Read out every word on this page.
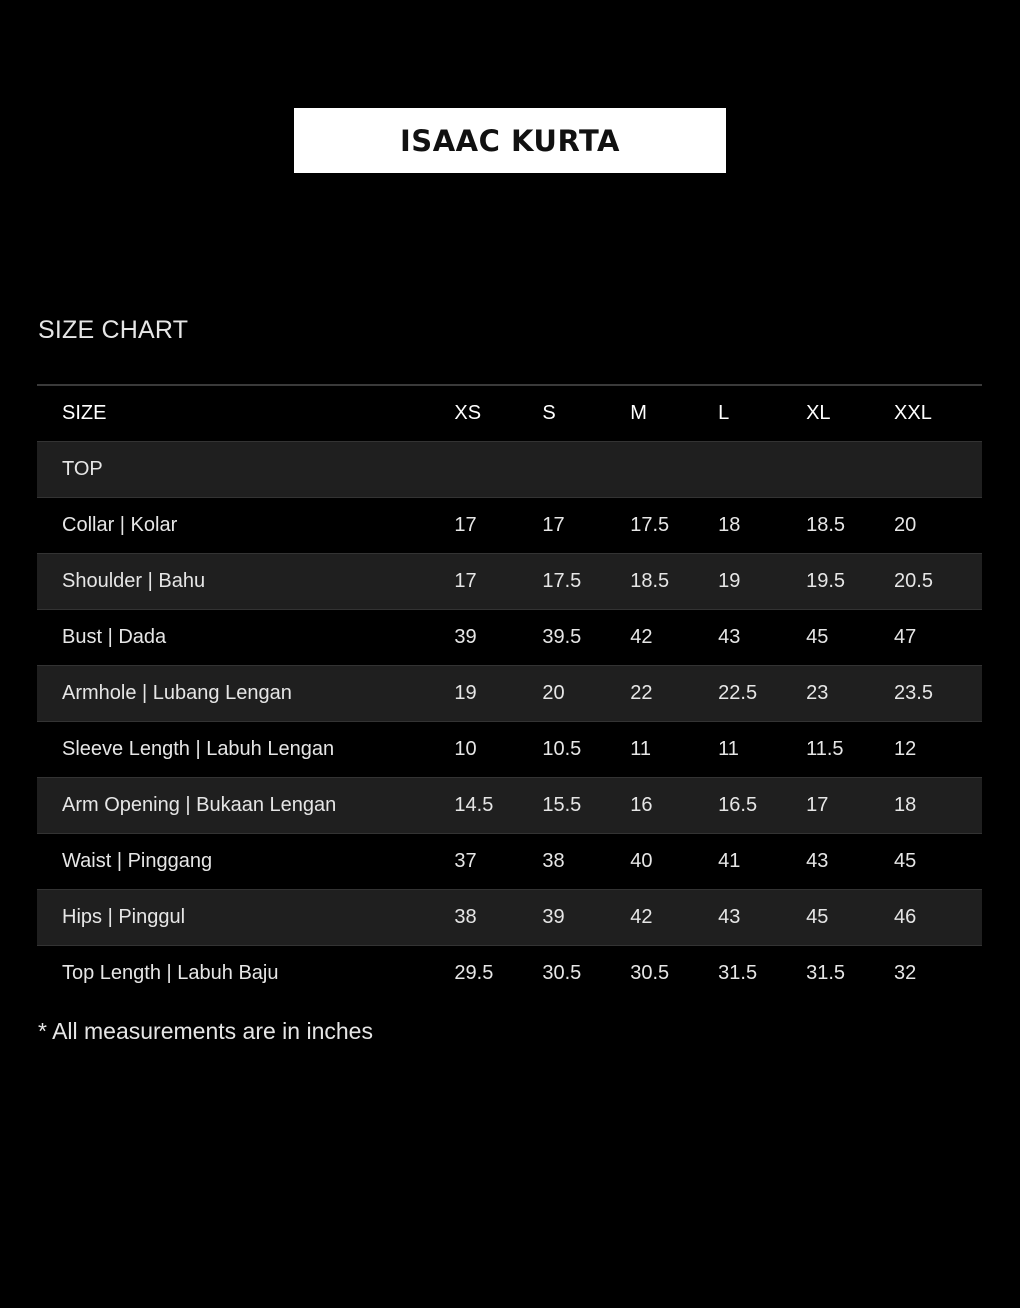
ISAAC KURTA
SIZE CHART
SIZE	XS	S	M	L	XL	XXL
TOP						
Collar | Kolar	17	17	17.5	18	18.5	20
Shoulder | Bahu	17	17.5	18.5	19	19.5	20.5
Bust | Dada	39	39.5	42	43	45	47
Armhole | Lubang Lengan	19	20	22	22.5	23	23.5
Sleeve Length | Labuh Lengan	10	10.5	11	11	11.5	12
Arm Opening | Bukaan Lengan	14.5	15.5	16	16.5	17	18
Waist | Pinggang	37	38	40	41	43	45
Hips | Pinggul	38	39	42	43	45	46
Top Length | Labuh Baju	29.5	30.5	30.5	31.5	31.5	32
* All measurements are in inches
